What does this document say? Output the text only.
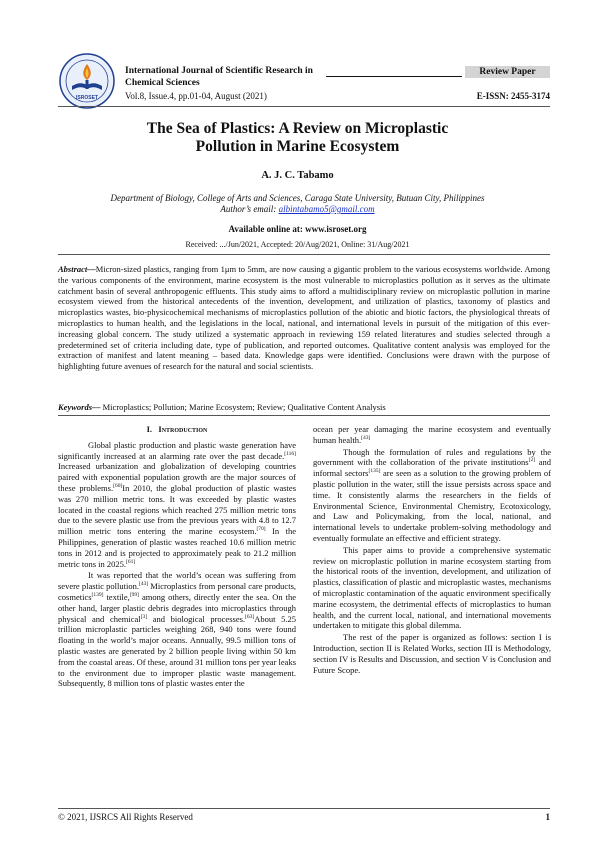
ISROSET
International Journal of Scientific Research in
Chemical Sciences
Review Paper
Vol.8, Issue.4, pp.01-04, August (2021)	E-ISSN: 2455-3174
The Sea of Plastics: A Review on Microplastic
Pollution in Marine Ecosystem
A. J. C. Tabamo
Department of Biology, College of Arts and Sciences, Caraga State University, Butuan City, Philippines
Author’s email: albintabamo5@gmail.com
Available online at: www.isroset.org
Received: .../Jun/2021, Accepted: 20/Aug/2021, Online: 31/Aug/2021
Abstract—Micron-sized plastics, ranging from 1μm to 5mm, are now causing a gigantic problem to the various ecosystems worldwide. Among the various components of the environment, marine ecosystem is the most vulnerable to microplastics pollution as it serves as the ultimate catchment basin of several anthropogenic effluents. This study aims to afford a multidisciplinary review on microplastic pollution in marine ecosystem viewed from the historical antecedents of the invention, development, and utilization of plastics, taxonomy of plastics and microplastics wastes, bio-physicochemical mechanisms of microplastics pollution of the abiotic and biotic factors, the physiological threats of microplastics to human health, and the legislations in the local, national, and international levels in pursuit of the mitigation of this ever-increasing global concern. The study utilized a systematic approach in reviewing 159 related literatures and studies selected through a predetermined set of criteria including date, type of publication, and reported outcomes. Qualitative content analysis was employed for the extraction of manifest and latent meaning – based data. Knowledge gaps were identified. Conclusions were drawn with the purpose of highlighting future avenues of research for the natural and social scientists.
Keywords— Microplastics; Pollution; Marine Ecosystem; Review; Qualitative Content Analysis
I. Introduction

Global plastic production and plastic waste generation have significantly increased at an alarming rate over the past decade.[116] Increased urbanization and globalization of developing countries paired with exponential population growth are the major sources of these problems.[60]In 2010, the global production of plastic wastes was 270 million metric tons. It was exceeded by plastic wastes located in the coastal regions which reached 275 million metric tons due to the severe plastic use from the previous years with 4.8 to 12.7 million metric tons entering the marine ecosystem.[70] In the Philippines, generation of plastic wastes reached 10.6 million metric tons in 2012 and is projected to approximately peak to 21.2 million metric tons in 2025.[61]

It was reported that the world’s ocean was suffering from severe plastic pollution.[43] Microplastics from personal care products, cosmetics[139] textile,[99] among others, directly enter the sea. On the other hand, larger plastic debris degrades into microplastics through physical and chemical[3] and biological processes.[63]About 5.25 trillion microplastic particles weighing 268, 940 tons were found floating in the world’s major oceans. Annually, 99.5 million tons of plastic wastes are generated by 2 billion people living within 50 km from the coastal areas. Of these, around 31 million tons per year leaks to the environment due to improper plastic waste management. Subsequently, 8 million tons of plastic wastes enter the

ocean per year damaging the marine ecosystem and eventually human health.[43]

Though the formulation of rules and regulations by the government with the collaboration of the private institutions[2] and informal sectors[135] are seen as a solution to the growing problem of plastic pollution in the water, still the issue persists across space and time. It consistently alarms the researchers in the fields of Environmental Science, Environmental Chemistry, Ecotoxicology, and Law and Policymaking, from the local, national, and international levels to undertake problem-solving methodology and eventually formulate an effective and efficient strategy.

This paper aims to provide a comprehensive systematic review on microplastic pollution in marine ecosystem starting from the historical roots of the invention, development, and utilization of plastics, classification of plastic and microplastic wastes, mechanisms of microplastic contamination of the aquatic environment specifically marine ecosystem, the detrimental effects of microplastics to human health, and the current local, national, and international movements undertaken to mitigate this global dilemma.

The rest of the paper is organized as follows: section I is Introduction, section II is Related Works, section III is Methodology, section IV is Results and Discussion, and section V is Conclusion and Future Scope.

© 2021, IJSRCS All Rights Reserved	1
